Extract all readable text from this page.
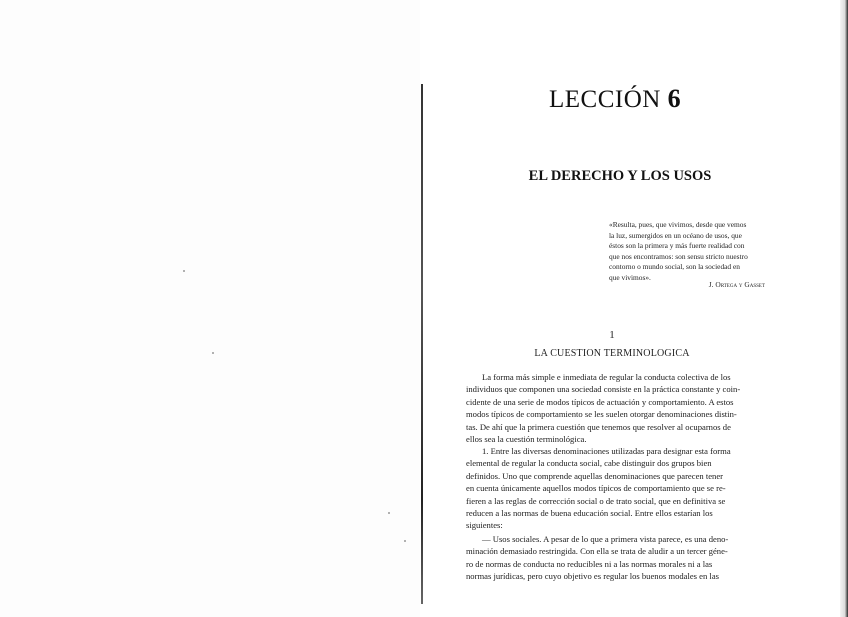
LECCIÓN 6
EL DERECHO Y LOS USOS
«Resulta, pues, que vivimos, desde que vemos
la luz, sumergidos en un océano de usos, que
éstos son la primera y más fuerte realidad con
que nos encontramos: son sensu stricto nuestro
contorno o mundo social, son la sociedad en
que vivimos».
J. Ortega y Gasset
1
LA CUESTION TERMINOLOGICA
La forma más simple e inmediata de regular la conducta colectiva de los
individuos que componen una sociedad consiste en la práctica constante y coin-
cidente de una serie de modos típicos de actuación y comportamiento. A estos
modos típicos de comportamiento se les suelen otorgar denominaciones distin-
tas. De ahí que la primera cuestión que tenemos que resolver al ocuparnos de
ellos sea la cuestión terminológica.
1. Entre las diversas denominaciones utilizadas para designar esta forma
elemental de regular la conducta social, cabe distinguir dos grupos bien
definidos. Uno que comprende aquellas denominaciones que parecen tener
en cuenta únicamente aquellos modos típicos de comportamiento que se re-
fieren a las reglas de corrección social o de trato social, que en definitiva se
reducen a las normas de buena educación social. Entre ellos estarían los
siguientes:
— Usos sociales. A pesar de lo que a primera vista parece, es una deno-
minación demasiado restringida. Con ella se trata de aludir a un tercer géne-
ro de normas de conducta no reducibles ni a las normas morales ni a las
normas jurídicas, pero cuyo objetivo es regular los buenos modales en las
